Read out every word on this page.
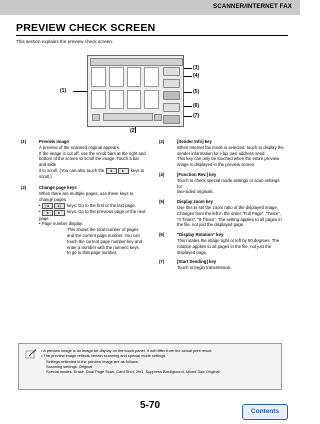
SCANNER/INTERNET FAX
PREVIEW CHECK SCREEN
This section explains the preview check screen.
(1)
(2)
(3)
(4)
(5)
(6)
(7)
(1)	Preview image
A preview of the scanned original appears.
If the image is cut off, use the scroll bars at the right and
bottom of the screen to scroll the image. Touch a bar and slide
it to scroll. (You can also touch the ◄	► keys to scroll.)
(2)	Change page keys
When there are multiple pages, use these keys to
change pages.
• |◄ ►| keys: Go to the first or the last page.
• ◄	► keys: Go to the previous page or the next page.
• Page number display:
This shows the total number of pages
and the current page number. You can
touch the current page number key and
enter a number with the numeric keys
to go to that page number.
(3)	[Sender Info] key
When Internet fax mode is selected, touch to display the
sender information for I-fax own address send.
This key can only be touched when the entire preview
image is displayed in the preview screen.
(4)	[Function Rev.] key
Touch to check special mode settings or scan settings for
two-sided originals.
(5)	Display zoom key
Use this to set the zoom ratio of the displayed image.
Changes from the left in the order "Full Page", "Twice",
"4 Times", "8 Times". The setting applies to all pages in
the file, not just the displayed page.
(6)	"Display Rotation" key
This rotates the image right or left by 90 degrees. The
rotation applies to all pages in the file, not just the
displayed page.
(7)	[Start Sending] key
Touch to begin transmission.
• A preview image is an image for display on the touch panel. It will differ from the actual print result.
• The preview image reflects certain scanning and special mode settings.
Settings reflected in the preview image are as follows:
Scanning settings: Original
Special modes: Erase, Dual Page Scan, Card Shot, 2in1, Suppress Background, Mixed Size Original
5-70
Contents
